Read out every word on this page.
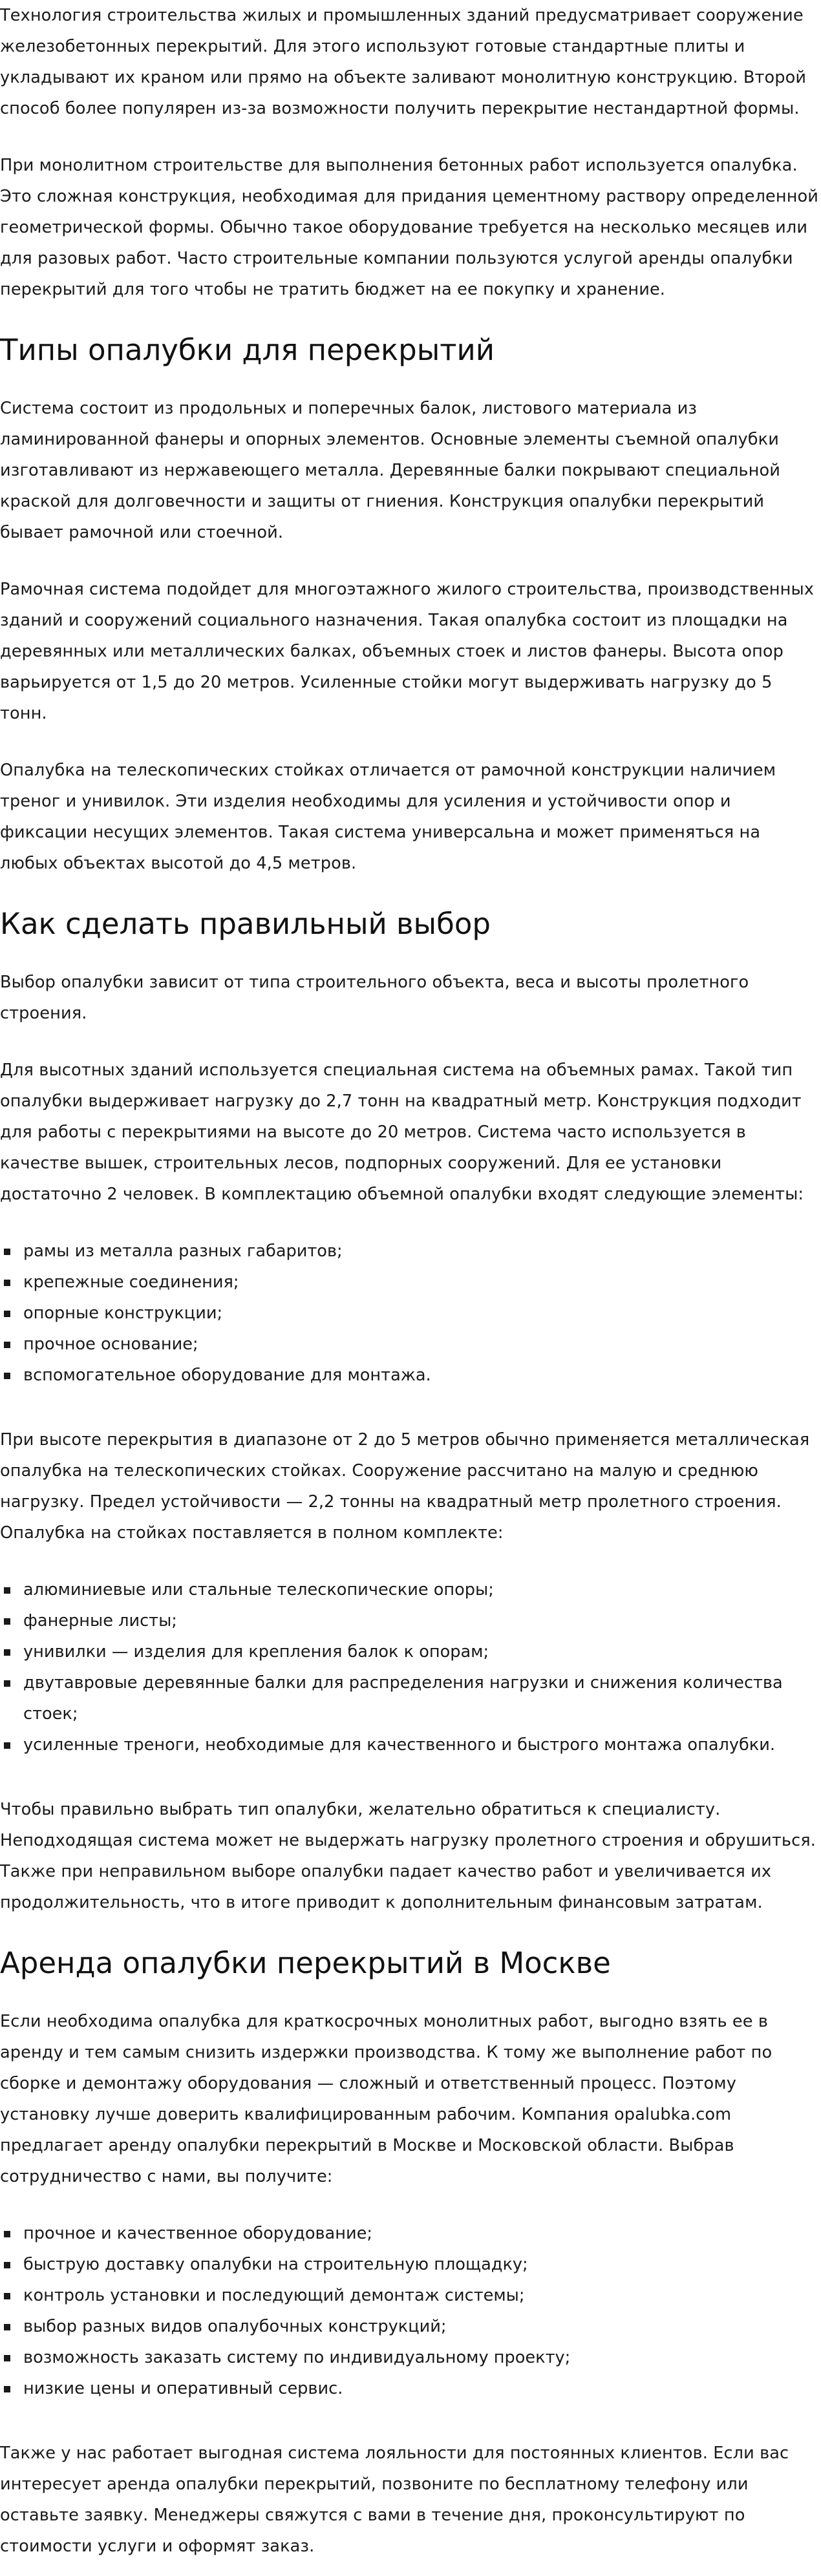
Технология строительства жилых и промышленных зданий предусматривает сооружение железобетонных перекрытий. Для этого используют готовые стандартные плиты и укладывают их краном или прямо на объекте заливают монолитную конструкцию. Второй способ более популярен из-за возможности получить перекрытие нестандартной формы.

При монолитном строительстве для выполнения бетонных работ используется опалубка. Это сложная конструкция, необходимая для придания цементному раствору определенной геометрической формы. Обычно такое оборудование требуется на несколько месяцев или для разовых работ. Часто строительные компании пользуются услугой аренды опалубки перекрытий для того чтобы не тратить бюджет на ее покупку и хранение.

Типы опалубки для перекрытий

Система состоит из продольных и поперечных балок, листового материала из ламинированной фанеры и опорных элементов. Основные элементы съемной опалубки изготавливают из нержавеющего металла. Деревянные балки покрывают специальной краской для долговечности и защиты от гниения. Конструкция опалубки перекрытий бывает рамочной или стоечной.

Рамочная система подойдет для многоэтажного жилого строительства, производственных зданий и сооружений социального назначения. Такая опалубка состоит из площадки на деревянных или металлических балках, объемных стоек и листов фанеры. Высота опор варьируется от 1,5 до 20 метров. Усиленные стойки могут выдерживать нагрузку до 5 тонн.

Опалубка на телескопических стойках отличается от рамочной конструкции наличием треног и унивилок. Эти изделия необходимы для усиления и устойчивости опор и фиксации несущих элементов. Такая система универсальна и может применяться на любых объектах высотой до 4,5 метров.

Как сделать правильный выбор

Выбор опалубки зависит от типа строительного объекта, веса и высоты пролетного строения.

Для высотных зданий используется специальная система на объемных рамах. Такой тип опалубки выдерживает нагрузку до 2,7 тонн на квадратный метр. Конструкция подходит для работы с перекрытиями на высоте до 20 метров. Система часто используется в качестве вышек, строительных лесов, подпорных сооружений. Для ее установки достаточно 2 человек. В комплектацию объемной опалубки входят следующие элементы:

рамы из металла разных габаритов;
крепежные соединения;
опорные конструкции;
прочное основание;
вспомогательное оборудование для монтажа.

При высоте перекрытия в диапазоне от 2 до 5 метров обычно применяется металлическая опалубка на телескопических стойках. Сооружение рассчитано на малую и среднюю нагрузку. Предел устойчивости — 2,2 тонны на квадратный метр пролетного строения. Опалубка на стойках поставляется в полном комплекте:

алюминиевые или стальные телескопические опоры;
фанерные листы;
унивилки — изделия для крепления балок к опорам;
двутавровые деревянные балки для распределения нагрузки и снижения количества стоек;
усиленные треноги, необходимые для качественного и быстрого монтажа опалубки.

Чтобы правильно выбрать тип опалубки, желательно обратиться к специалисту. Неподходящая система может не выдержать нагрузку пролетного строения и обрушиться. Также при неправильном выборе опалубки падает качество работ и увеличивается их продолжительность, что в итоге приводит к дополнительным финансовым затратам.

Аренда опалубки перекрытий в Москве

Если необходима опалубка для краткосрочных монолитных работ, выгодно взять ее в аренду и тем самым снизить издержки производства. К тому же выполнение работ по сборке и демонтажу оборудования — сложный и ответственный процесс. Поэтому установку лучше доверить квалифицированным рабочим. Компания opalubka.com предлагает аренду опалубки перекрытий в Москве и Московской области. Выбрав сотрудничество с нами, вы получите:

прочное и качественное оборудование;
быструю доставку опалубки на строительную площадку;
контроль установки и последующий демонтаж системы;
выбор разных видов опалубочных конструкций;
возможность заказать систему по индивидуальному проекту;
низкие цены и оперативный сервис.

Также у нас работает выгодная система лояльности для постоянных клиентов. Если вас интересует аренда опалубки перекрытий, позвоните по бесплатному телефону или оставьте заявку. Менеджеры свяжутся с вами в течение дня, проконсультируют по стоимости услуги и оформят заказ.
